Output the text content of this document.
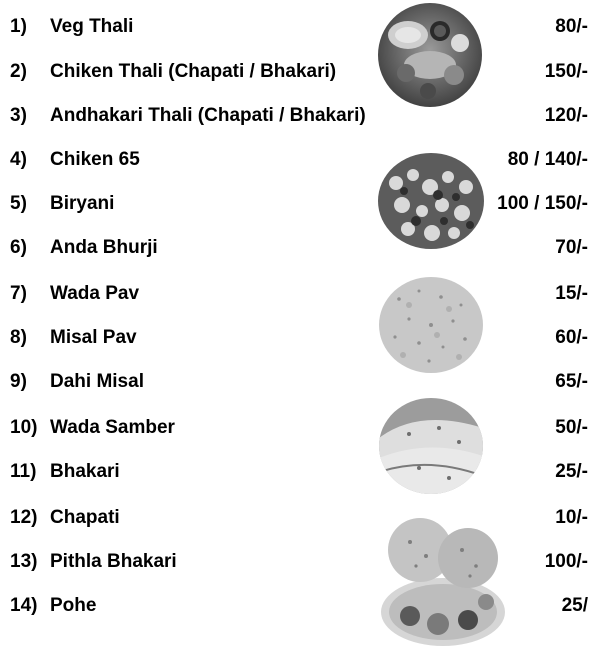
1) Veg Thali	80/-
2) Chiken Thali (Chapati / Bhakari)	150/-
3) Andhakari Thali (Chapati / Bhakari)	120/-
4) Chiken 65	80 / 140/-
5) Biryani	100 / 150/-
6) Anda Bhurji	70/-
7) Wada Pav	15/-
8) Misal Pav	60/-
9) Dahi Misal	65/-
10) Wada Samber	50/-
11) Bhakari	25/-
12) Chapati	10/-
13) Pithla Bhakari	100/-
14) Pohe	25/
